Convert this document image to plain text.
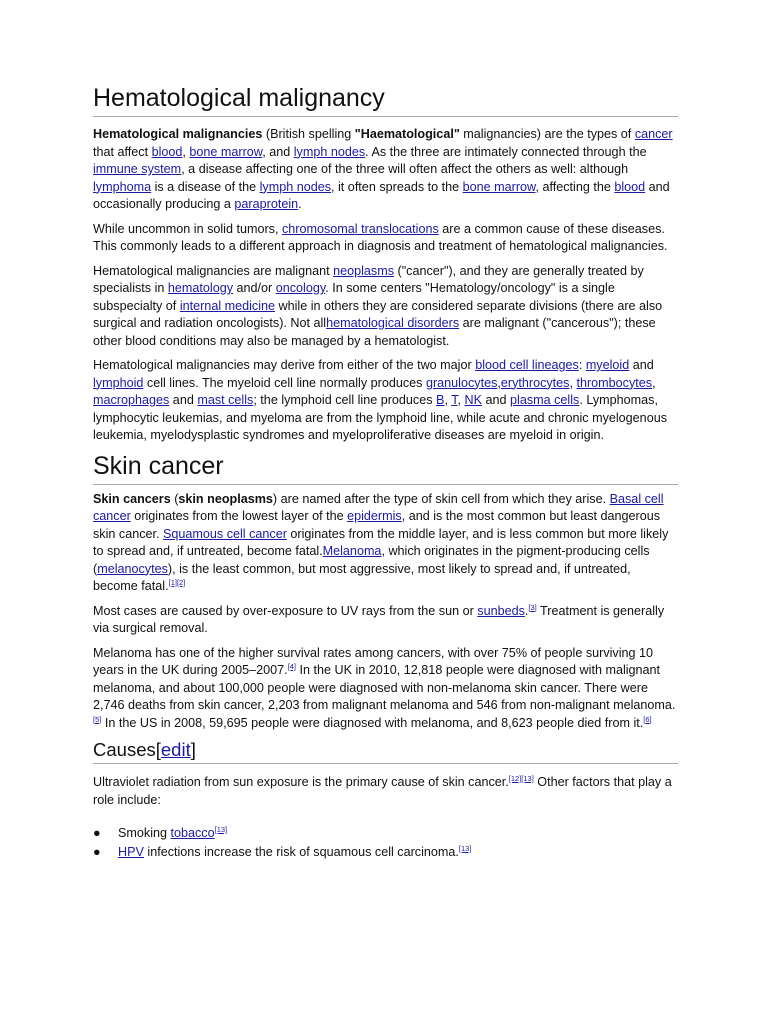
Hematological malignancy

Hematological malignancies (British spelling "Haematological" malignancies) are the types of cancer that affect blood, bone marrow, and lymph nodes. As the three are intimately connected through the immune system, a disease affecting one of the three will often affect the others as well: although lymphoma is a disease of the lymph nodes, it often spreads to the bone marrow, affecting the blood and occasionally producing a paraprotein.

While uncommon in solid tumors, chromosomal translocations are a common cause of these diseases. This commonly leads to a different approach in diagnosis and treatment of hematological malignancies.

Hematological malignancies are malignant neoplasms ("cancer"), and they are generally treated by specialists in hematology and/or oncology. In some centers "Hematology/oncology" is a single subspecialty of internal medicine while in others they are considered separate divisions (there are also surgical and radiation oncologists). Not allhematological disorders are malignant ("cancerous"); these other blood conditions may also be managed by a hematologist.

Hematological malignancies may derive from either of the two major blood cell lineages: myeloid and lymphoid cell lines. The myeloid cell line normally produces granulocytes,erythrocytes, thrombocytes, macrophages and mast cells; the lymphoid cell line produces B, T, NK and plasma cells. Lymphomas, lymphocytic leukemias, and myeloma are from the lymphoid line, while acute and chronic myelogenous leukemia, myelodysplastic syndromes and myeloproliferative diseases are myeloid in origin.

Skin cancer

Skin cancers (skin neoplasms) are named after the type of skin cell from which they arise. Basal cell cancer originates from the lowest layer of the epidermis, and is the most common but least dangerous skin cancer. Squamous cell cancer originates from the middle layer, and is less common but more likely to spread and, if untreated, become fatal.Melanoma, which originates in the pigment-producing cells (melanocytes), is the least common, but most aggressive, most likely to spread and, if untreated, become fatal.[1][2]

Most cases are caused by over-exposure to UV rays from the sun or sunbeds.[3] Treatment is generally via surgical removal.

Melanoma has one of the higher survival rates among cancers, with over 75% of people surviving 10 years in the UK during 2005–2007.[4] In the UK in 2010, 12,818 people were diagnosed with malignant melanoma, and about 100,000 people were diagnosed with non-melanoma skin cancer. There were 2,746 deaths from skin cancer, 2,203 from malignant melanoma and 546 from non-malignant melanoma.[5] In the US in 2008, 59,695 people were diagnosed with melanoma, and 8,623 people died from it.[6]

Causes[edit]

Ultraviolet radiation from sun exposure is the primary cause of skin cancer.[12][13] Other factors that play a role include:

● Smoking tobacco[13]
● HPV infections increase the risk of squamous cell carcinoma.[13]
